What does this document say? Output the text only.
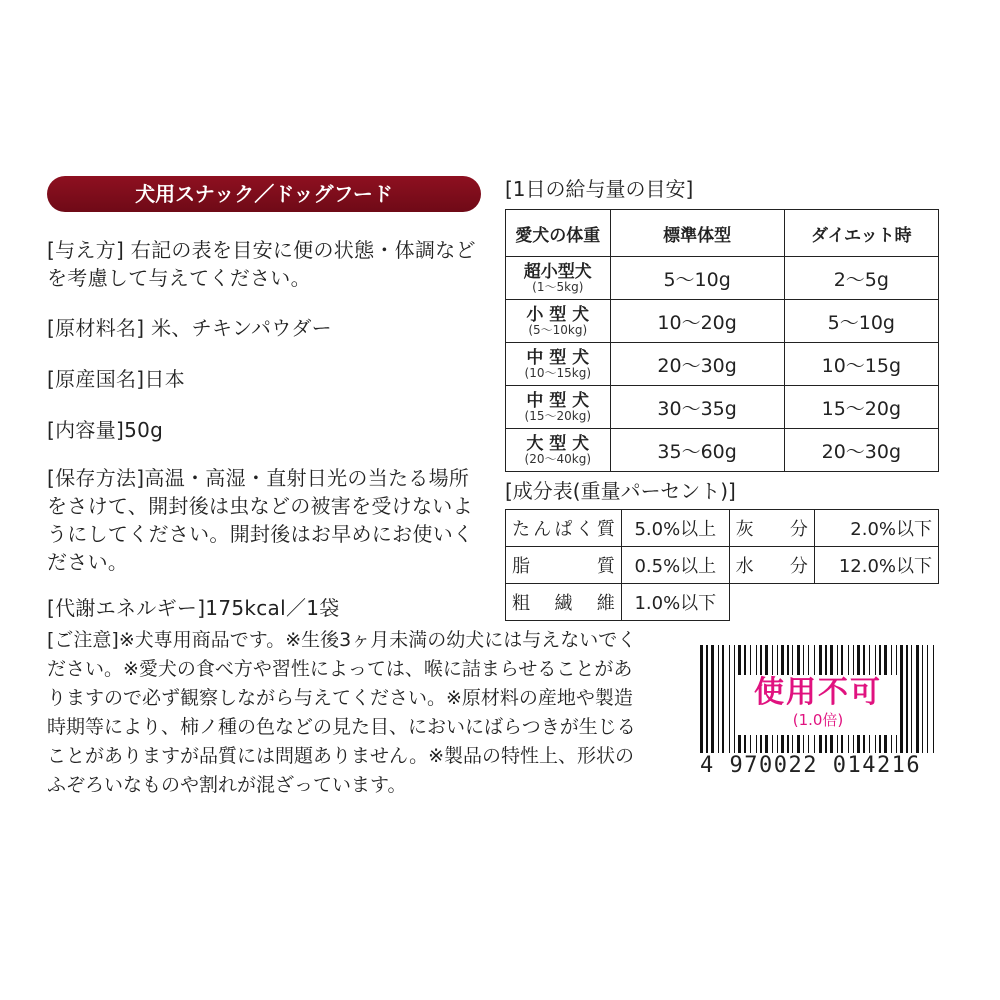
犬用スナック／ドッグフード
[与え方] 右記の表を目安に便の状態・体調などを考慮して与えてください。
[原材料名] 米、チキンパウダー
[原産国名]日本
[内容量]50g
[保存方法]高温・高湿・直射日光の当たる場所をさけて、開封後は虫などの被害を受けないようにしてください。開封後はお早めにお使いください。
[代謝エネルギー]175kcal／1袋
[ご注意]※犬専用商品です。※生後3ヶ月未満の幼犬には与えないでください。※愛犬の食べ方や習性によっては、喉に詰まらせることがありますので必ず観察しながら与えてください。※原材料の産地や製造時期等により、柿ノ種の色などの見た目、においにばらつきが生じることがありますが品質には問題ありません。※製品の特性上、形状のふぞろいなものや割れが混ざっています。
[1日の給与量の目安]
愛犬の体重	標準体型	ダイエット時

超小型犬
(1〜5kg)	5〜10g	2〜5g

小 型 犬
(5〜10kg)	10〜20g	5〜10g

中 型 犬
(10〜15kg)	20〜30g	10〜15g

中 型 犬
(15〜20kg)	30〜35g	15〜20g

大 型 犬
(20〜40kg)	35〜60g	20〜30g
[成分表(重量パーセント)]
たんぱく質	5.0%以上	灰分	2.0%以下
脂質	0.5%以上	水分	12.0%以下
粗繊維	1.0%以下		
使用不可
(1.0倍)
4 970022 014216
